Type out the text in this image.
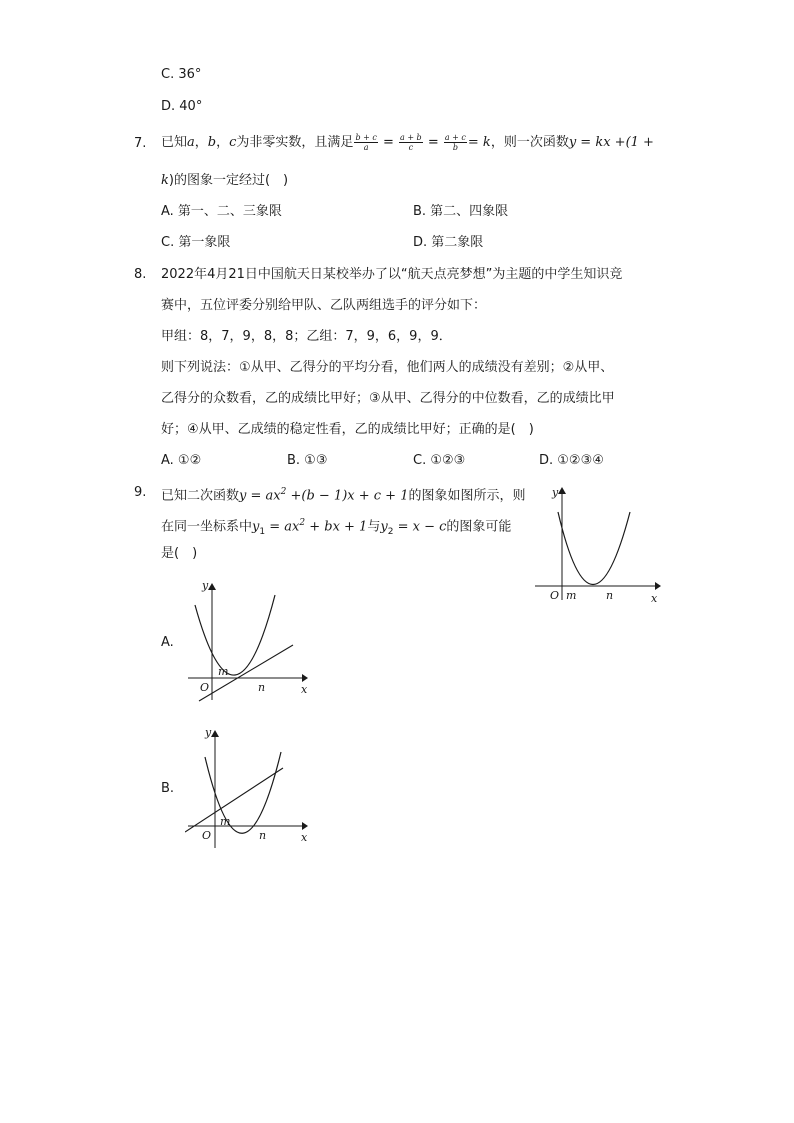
C. 36°
D. 40°
7. 已知a，b，c为非零实数，且满足 $\frac{b + c}{a} = \frac{a + b}{c} = \frac{a + c}{b} = k$，则一次函数y = kx +(1 +
k)的图象一定经过(　)
A. 第一、二、三象限	B. 第二、四象限
C. 第一象限	D. 第二象限
8. 2022年4月21日中国航天日某校举办了以“航天点亮梦想”为主题的中学生知识竞
赛中，五位评委分别给甲队、乙队两组选手的评分如下：
甲组：8，7，9，8，8；乙组：7，9，6，9，9．
则下列说法：①从甲、乙得分的平均分看，他们两人的成绩没有差别；②从甲、
乙得分的众数看，乙的成绩比甲好；③从甲、乙得分的中位数看，乙的成绩比甲
好；④从甲、乙成绩的稳定性看，乙的成绩比甲好；正确的是(　)
A. ①②	B. ①③	C. ①②③	D. ①②③④
9. 已知二次函数$y = ax^2 +(b - 1)x + c + 1$的图象如图所示，则
在同一坐标系中$y_1 = ax^2$ + bx + 1与$y_2 = x - c$的图象可能
是(　)
O m	n	x
y
A.
O
m
n	x
y
B.
O
m
n	x
y
